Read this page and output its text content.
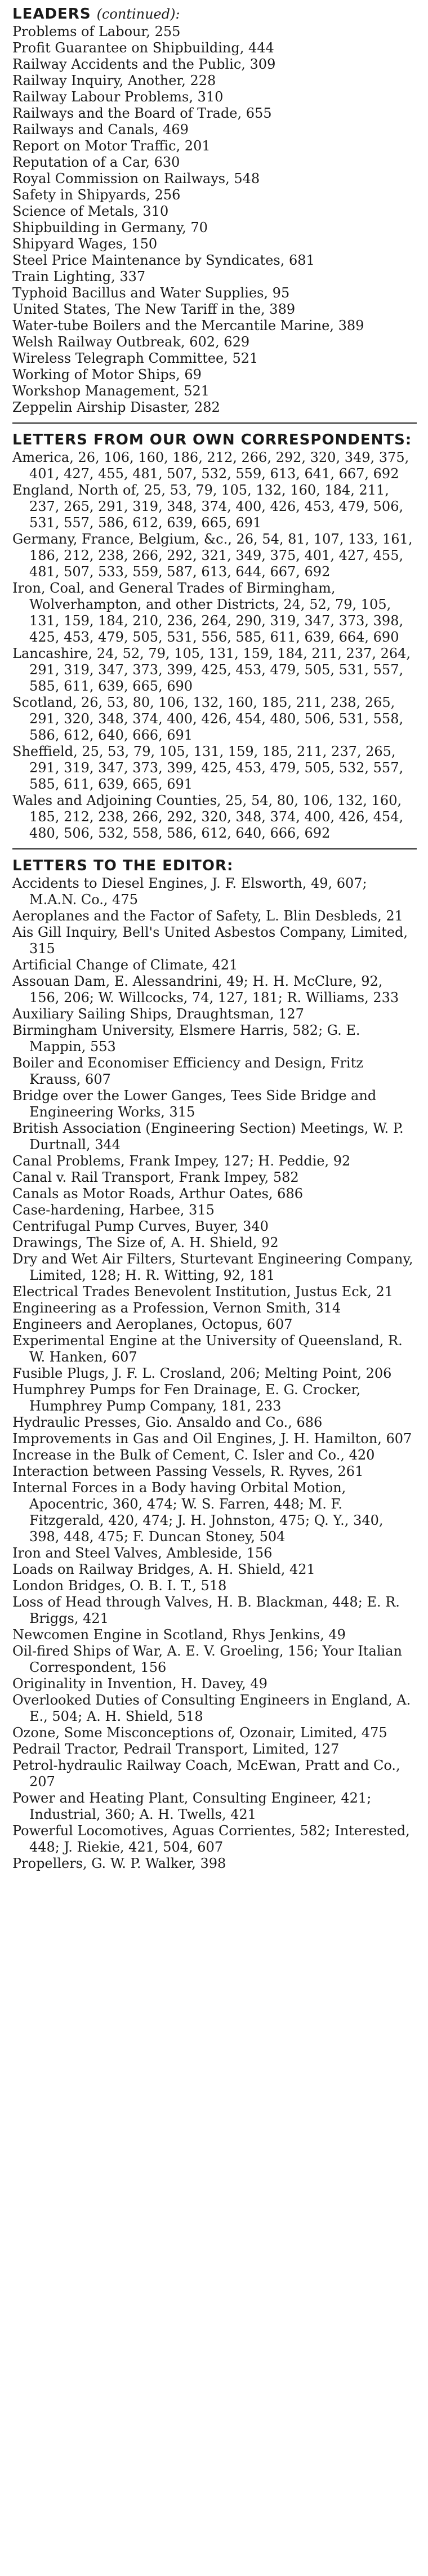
LEADERS (continued):
Problems of Labour, 255
Profit Guarantee on Shipbuilding, 444
Railway Accidents and the Public, 309
Railway Inquiry, Another, 228
Railway Labour Problems, 310
Railways and the Board of Trade, 655
Railways and Canals, 469
Report on Motor Traffic, 201
Reputation of a Car, 630
Royal Commission on Railways, 548
Safety in Shipyards, 256
Science of Metals, 310
Shipbuilding in Germany, 70
Shipyard Wages, 150
Steel Price Maintenance by Syndicates, 681
Train Lighting, 337
Typhoid Bacillus and Water Supplies, 95
United States, The New Tariff in the, 389
Water-tube Boilers and the Mercantile Marine, 389
Welsh Railway Outbreak, 602, 629
Wireless Telegraph Committee, 521
Working of Motor Ships, 69
Workshop Management, 521
Zeppelin Airship Disaster, 282
LETTERS FROM OUR OWN CORRESPONDENTS:
America, 26, 106, 160, 186, 212, 266, 292, 320, 349, 375, 401, 427, 455, 481, 507, 532, 559, 613, 641, 667, 692
England, North of, 25, 53, 79, 105, 132, 160, 184, 211, 237, 265, 291, 319, 348, 374, 400, 426, 453, 479, 506, 531, 557, 586, 612, 639, 665, 691
Germany, France, Belgium, &c., 26, 54, 81, 107, 133, 161, 186, 212, 238, 266, 292, 321, 349, 375, 401, 427, 455, 481, 507, 533, 559, 587, 613, 644, 667, 692
Iron, Coal, and General Trades of Birmingham, Wolverhampton, and other Districts, 24, 52, 79, 105, 131, 159, 184, 210, 236, 264, 290, 319, 347, 373, 398, 425, 453, 479, 505, 531, 556, 585, 611, 639, 664, 690
Lancashire, 24, 52, 79, 105, 131, 159, 184, 211, 237, 264, 291, 319, 347, 373, 399, 425, 453, 479, 505, 531, 557, 585, 611, 639, 665, 690
Scotland, 26, 53, 80, 106, 132, 160, 185, 211, 238, 265, 291, 320, 348, 374, 400, 426, 454, 480, 506, 531, 558, 586, 612, 640, 666, 691
Sheffield, 25, 53, 79, 105, 131, 159, 185, 211, 237, 265, 291, 319, 347, 373, 399, 425, 453, 479, 505, 532, 557, 585, 611, 639, 665, 691
Wales and Adjoining Counties, 25, 54, 80, 106, 132, 160, 185, 212, 238, 266, 292, 320, 348, 374, 400, 426, 454, 480, 506, 532, 558, 586, 612, 640, 666, 692
LETTERS TO THE EDITOR:
Accidents to Diesel Engines, J. F. Elsworth, 49, 607; M.A.N. Co., 475
Aeroplanes and the Factor of Safety, L. Blin Desbleds, 21
Ais Gill Inquiry, Bell's United Asbestos Company, Limited, 315
Artificial Change of Climate, 421
Assouan Dam, E. Alessandrini, 49; H. H. McClure, 92, 156, 206; W. Willcocks, 74, 127, 181; R. Williams, 233
Auxiliary Sailing Ships, Draughtsman, 127
Birmingham University, Elsmere Harris, 582; G. E. Mappin, 553
Boiler and Economiser Efficiency and Design, Fritz Krauss, 607
Bridge over the Lower Ganges, Tees Side Bridge and Engineering Works, 315
British Association (Engineering Section) Meetings, W. P. Durtnall, 344
Canal Problems, Frank Impey, 127; H. Peddie, 92
Canal v. Rail Transport, Frank Impey, 582
Canals as Motor Roads, Arthur Oates, 686
Case-hardening, Harbee, 315
Centrifugal Pump Curves, Buyer, 340
Drawings, The Size of, A. H. Shield, 92
Dry and Wet Air Filters, Sturtevant Engineering Company, Limited, 128; H. R. Witting, 92, 181
Electrical Trades Benevolent Institution, Justus Eck, 21
Engineering as a Profession, Vernon Smith, 314
Engineers and Aeroplanes, Octopus, 607
Experimental Engine at the University of Queensland, R. W. Hanken, 607
Fusible Plugs, J. F. L. Crosland, 206; Melting Point, 206
Humphrey Pumps for Fen Drainage, E. G. Crocker, Humphrey Pump Company, 181, 233
Hydraulic Presses, Gio. Ansaldo and Co., 686
Improvements in Gas and Oil Engines, J. H. Hamilton, 607
Increase in the Bulk of Cement, C. Isler and Co., 420
Interaction between Passing Vessels, R. Ryves, 261
Internal Forces in a Body having Orbital Motion, Apocentric, 360, 474; W. S. Farren, 448; M. F. Fitzgerald, 420, 474; J. H. Johnston, 475; Q. Y., 340, 398, 448, 475; F. Duncan Stoney, 504
Iron and Steel Valves, Ambleside, 156
Loads on Railway Bridges, A. H. Shield, 421
London Bridges, O. B. I. T., 518
Loss of Head through Valves, H. B. Blackman, 448; E. R. Briggs, 421
Newcomen Engine in Scotland, Rhys Jenkins, 49
Oil-fired Ships of War, A. E. V. Groeling, 156; Your Italian Correspondent, 156
Originality in Invention, H. Davey, 49
Overlooked Duties of Consulting Engineers in England, A. E., 504; A. H. Shield, 518
Ozone, Some Misconceptions of, Ozonair, Limited, 475
Pedrail Tractor, Pedrail Transport, Limited, 127
Petrol-hydraulic Railway Coach, McEwan, Pratt and Co., 207
Power and Heating Plant, Consulting Engineer, 421; Industrial, 360; A. H. Twells, 421
Powerful Locomotives, Aguas Corrientes, 582; Interested, 448; J. Riekie, 421, 504, 607
Propellers, G. W. P. Walker, 398
